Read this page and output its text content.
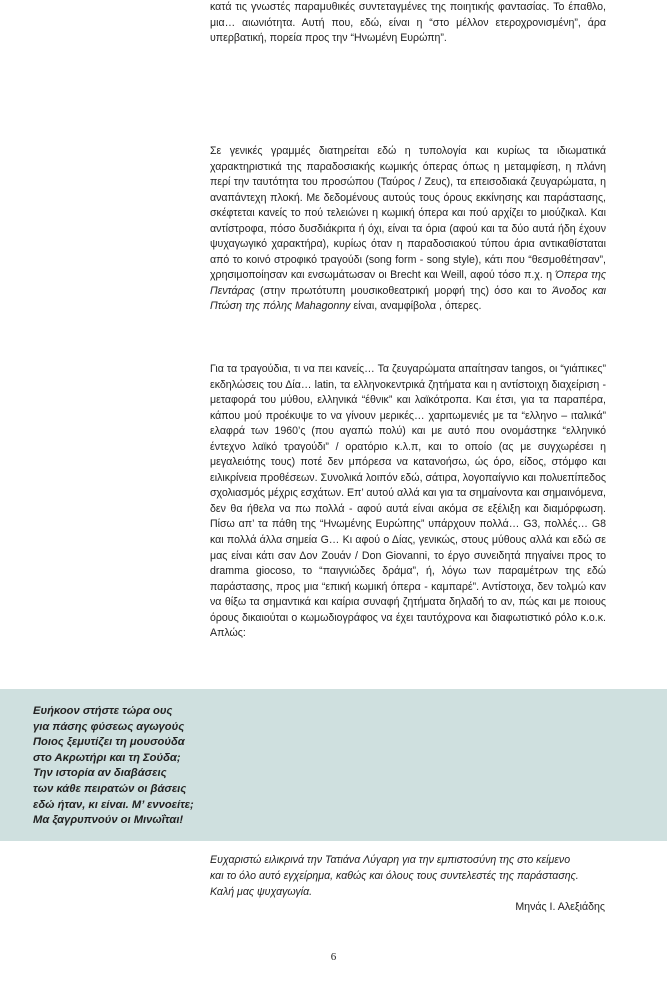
κατά τις γνωστές παραμυθικές συντεταγμένες της ποιητικής φαντασίας. Το έπαθλο, μια… αιωνιότητα. Αυτή που, εδώ, είναι η “στο μέλλον ετεροχρονισμένη”, άρα υπερβατική, πορεία προς την “Ηνωμένη Ευρώπη”.

Σε γενικές γραμμές διατηρείται εδώ η τυπολογία και κυρίως τα ιδιωματικά χαρακτηριστικά της παραδοσιακής κωμικής όπερας όπως η μεταμφίεση, η πλάνη περί την ταυτότητα του προσώπου (Ταύρος / Ζευς), τα επεισοδιακά ζευγαρώματα, η αναπάντεχη πλοκή. Με δεδομένους αυτούς τους όρους εκκίνησης και παράστασης, σκέφτεται κανείς το πού τελειώνει η κωμική όπερα και πού αρχίζει το μιούζικαλ. Και αντίστροφα, πόσο δυσδιάκριτα ή όχι, είναι τα όρια (αφού και τα δύο αυτά ήδη έχουν ψυχαγωγικό χαρακτήρα), κυρίως όταν η παραδοσιακού τύπου άρια αντικαθίσταται από το κοινό στροφικό τραγούδι (song form - song style), κάτι που “θεσμοθέτησαν”, χρησιμοποίησαν και ενσωμάτωσαν οι Brecht και Weill, αφού τόσο π.χ. η Όπερα της Πεντάρας (στην πρωτότυπη μουσικοθεατρική μορφή της) όσο και το Άνοδος και Πτώση της πόλης Mahagonny είναι, αναμφίβολα , όπερες.

Για τα τραγούδια, τι να πει κανείς… Τα ζευγαρώματα απαίτησαν tangos, οι “γιάπικες” εκδηλώσεις του Δία… latin, τα ελληνοκεντρικά ζητήματα και η αντίστοιχη διαχείριση - μεταφορά του μύθου, ελληνικά “έθνικ” και λαϊκότροπα. Και έτσι, για τα παραπέρα, κάπου μού προέκυψε το να γίνουν μερικές… χαριτωμενιές με τα “ελληνο – ιταλικά” ελαφρά των 1960’ς (που αγαπώ πολύ) και με αυτό που ονομάστηκε “ελληνικό έντεχνο λαϊκό τραγούδι” / ορατόριο κ.λ.π, και το οποίο (ας με συγχωρέσει η μεγαλειότης τους) ποτέ δεν μπόρεσα να κατανοήσω, ώς όρο, είδος, στόμφο και ειλικρίνεια προθέσεων. Συνολικά λοιπόν εδώ, σάτιρα, λογοπαίγνιο και πολυεπίπεδος σχολιασμός μέχρις εσχάτων. Επ’ αυτού αλλά και για τα σημαίνοντα και σημαινόμενα, δεν θα ήθελα να πω πολλά - αφού αυτά είναι ακόμα σε εξέλιξη και διαμόρφωση. Πίσω απ’ τα πάθη της “Ηνωμένης Ευρώπης” υπάρχουν πολλά… G3, πολλές… G8 και πολλά άλλα σημεία G… Κι αφού ο Δίας, γενικώς, στους μύθους αλλά και εδώ σε μας είναι κάτι σαν Δον Ζουάν / Don Giovanni, το έργο συνειδητά πηγαίνει προς το dramma giocoso, το “παιγνιώδες δράμα”, ή, λόγω των παραμέτρων της εδώ παράστασης, προς μια “επική κωμική όπερα - καμπαρέ”. Αντίστοιχα, δεν τολμώ καν να θίξω τα σημαντικά και καίρια συναφή ζητήματα δηλαδή το αν, πώς και με ποιους όρους δικαιούται ο κωμωδιογράφος να έχει ταυτόχρονα και διαφωτιστικό ρόλο κ.ο.κ. Απλώς:

Ευήκοον στήστε τώρα ους
για πάσης φύσεως αγωγούς
Ποιος ξεμυτίζει τη μουσούδα
στο Ακρωτήρι και τη Σούδα;
Την ιστορία αν διαβάσεις
των κάθε πειρατών οι βάσεις
εδώ ήταν, κι είναι. Μ’ εννοείτε;
Μα ξαγρυπνούν οι Μινωΐται!
Ευχαριστώ ειλικρινά την Τατιάνα Λύγαρη για την εμπιστοσύνη της στο κείμενο
και το όλο αυτό εγχείρημα, καθώς και όλους τους συντελεστές της παράστασης.
Καλή μας ψυχαγωγία.
Μηνάς Ι. Αλεξιάδης
6
